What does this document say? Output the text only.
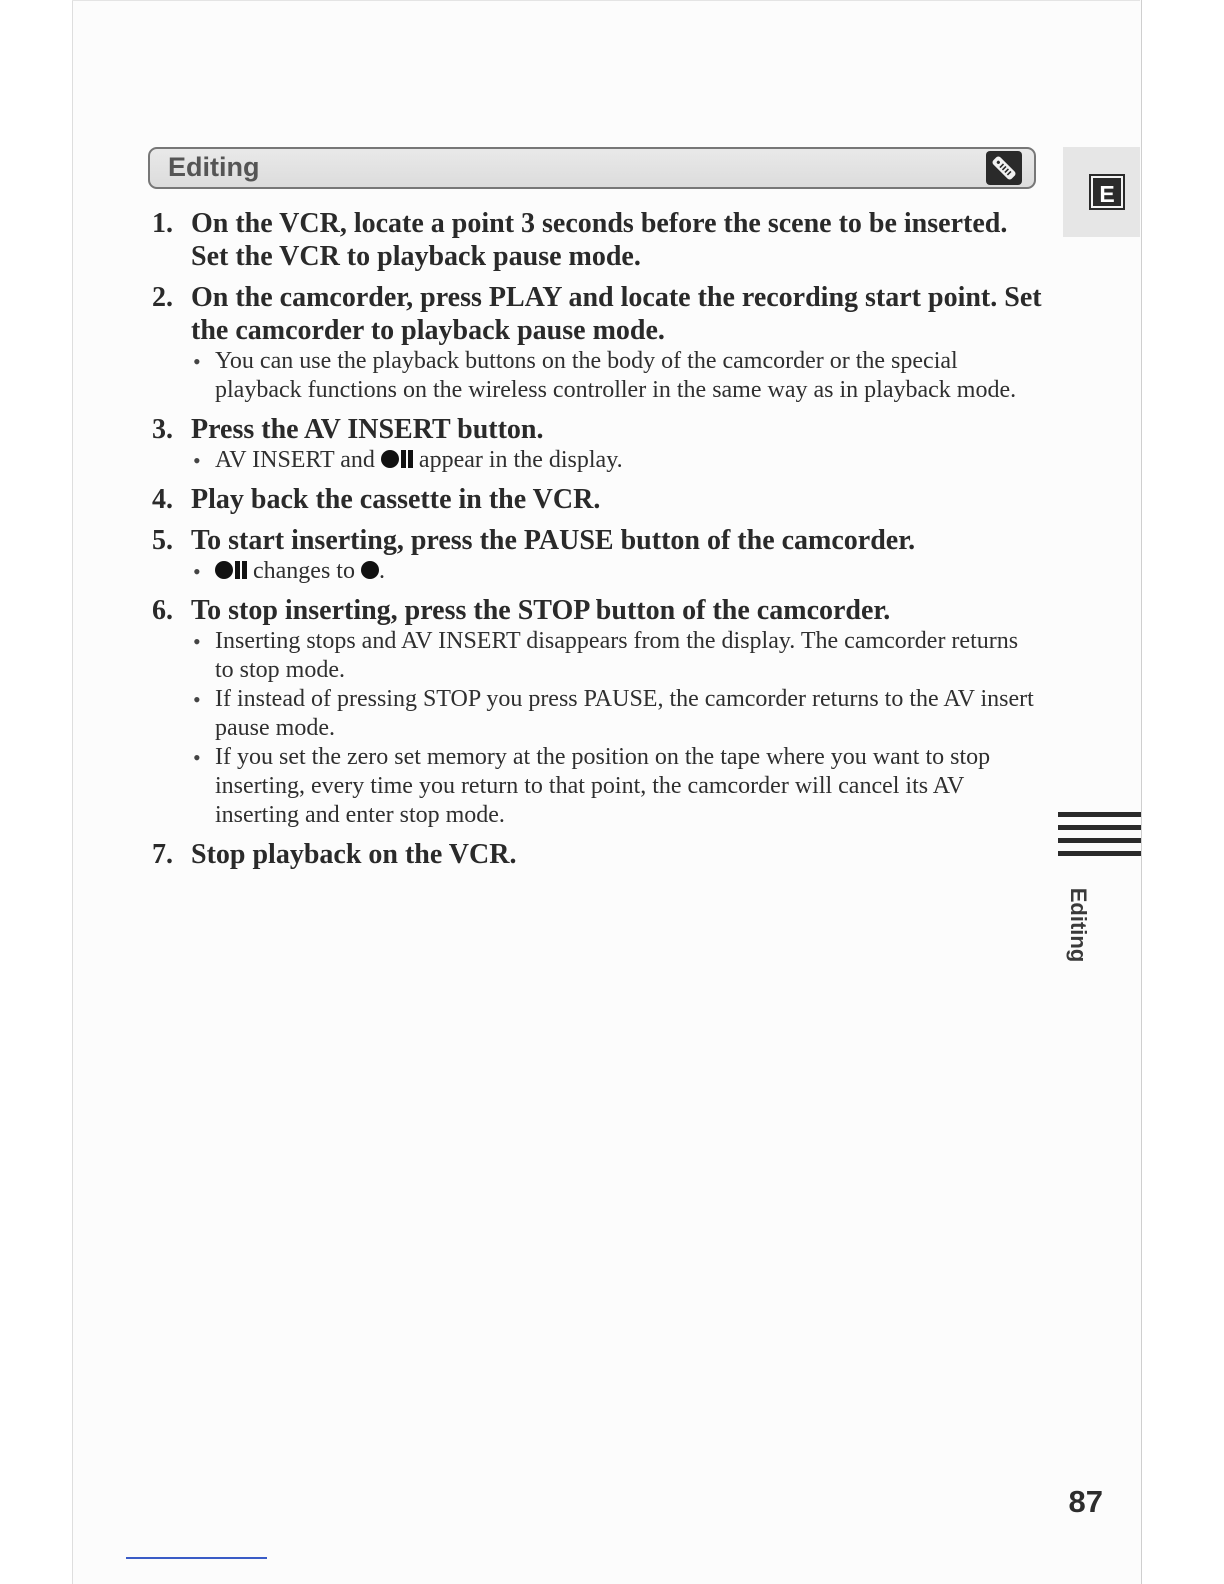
Editing
E
1. On the VCR, locate a point 3 seconds before the scene to be inserted. Set the VCR to playback pause mode.
2. On the camcorder, press PLAY and locate the recording start point. Set the camcorder to playback pause mode.
• You can use the playback buttons on the body of the camcorder or the special playback functions on the wireless controller in the same way as in playback mode.
3. Press the AV INSERT button.
• AV INSERT and
appear in the display.
4. Play back the cassette in the VCR.
5. To start inserting, press the PAUSE button of the camcorder.
• changes to
.
6. To stop inserting, press the STOP button of the camcorder.
• Inserting stops and AV INSERT disappears from the display. The camcorder returns to stop mode.
• If instead of pressing STOP you press PAUSE, the camcorder returns to the AV insert pause mode.
• If you set the zero set memory at the position on the tape where you want to stop inserting, every time you return to that point, the camcorder will cancel its AV inserting and enter stop mode.
7. Stop playback on the VCR.
Editing
87
